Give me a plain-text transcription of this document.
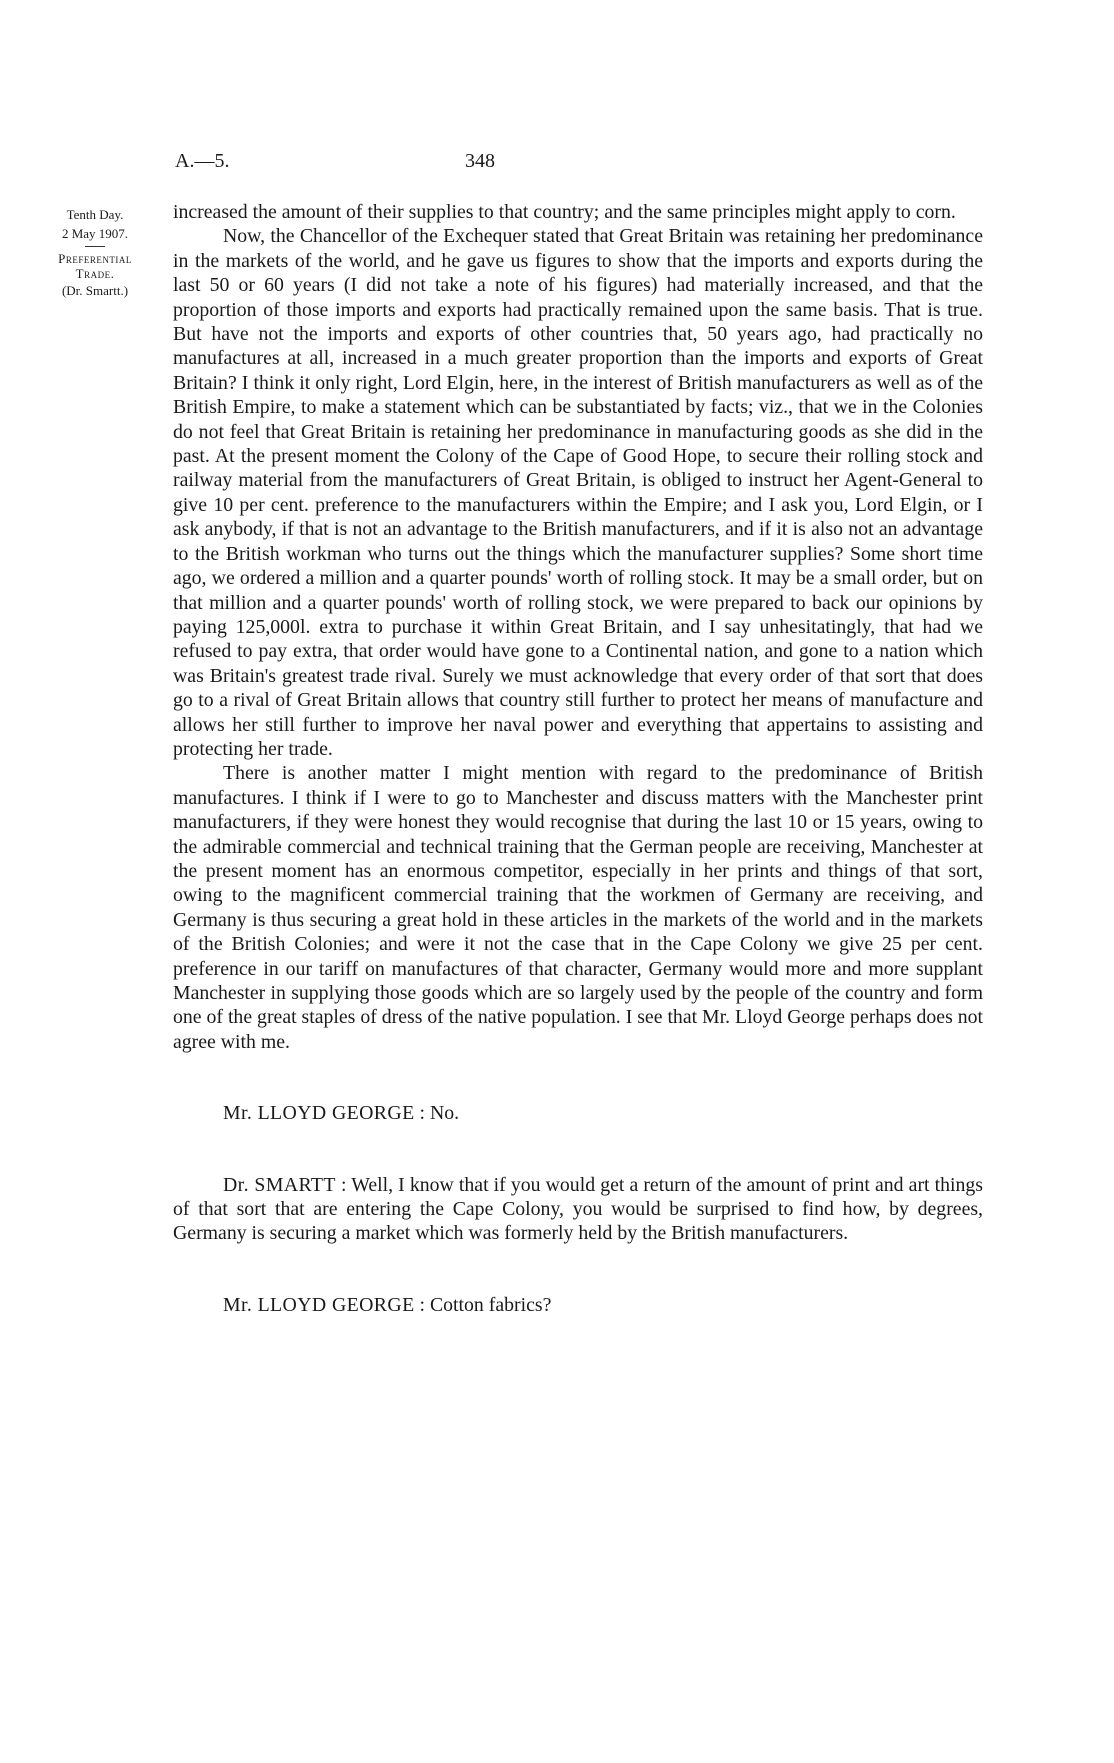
A.—5.	348
Tenth Day.
2 May 1907.
Preferential
Trade.
(Dr. Smartt.)

increased the amount of their supplies to that country; and the same principles might apply to corn.

Now, the Chancellor of the Exchequer stated that Great Britain was retaining her predominance in the markets of the world, and he gave us figures to show that the imports and exports during the last 50 or 60 years (I did not take a note of his figures) had materially increased, and that the proportion of those imports and exports had practically remained upon the same basis. That is true. But have not the imports and exports of other countries that, 50 years ago, had practically no manufactures at all, increased in a much greater proportion than the imports and exports of Great Britain? I think it only right, Lord Elgin, here, in the interest of British manufacturers as well as of the British Empire, to make a statement which can be substantiated by facts; viz., that we in the Colonies do not feel that Great Britain is retaining her predominance in manufacturing goods as she did in the past. At the present moment the Colony of the Cape of Good Hope, to secure their rolling stock and railway material from the manufacturers of Great Britain, is obliged to instruct her Agent-General to give 10 per cent. preference to the manufacturers within the Empire; and I ask you, Lord Elgin, or I ask anybody, if that is not an advantage to the British manufacturers, and if it is also not an advantage to the British workman who turns out the things which the manufacturer supplies? Some short time ago, we ordered a million and a quarter pounds' worth of rolling stock. It may be a small order, but on that million and a quarter pounds' worth of rolling stock, we were prepared to back our opinions by paying 125,000l. extra to purchase it within Great Britain, and I say unhesitatingly, that had we refused to pay extra, that order would have gone to a Continental nation, and gone to a nation which was Britain's greatest trade rival. Surely we must acknowledge that every order of that sort that does go to a rival of Great Britain allows that country still further to protect her means of manufacture and allows her still further to improve her naval power and everything that appertains to assisting and protecting her trade.

There is another matter I might mention with regard to the predominance of British manufactures. I think if I were to go to Manchester and discuss matters with the Manchester print manufacturers, if they were honest they would recognise that during the last 10 or 15 years, owing to the admirable commercial and technical training that the German people are receiving, Manchester at the present moment has an enormous competitor, especially in her prints and things of that sort, owing to the magnificent commercial training that the workmen of Germany are receiving, and Germany is thus securing a great hold in these articles in the markets of the world and in the markets of the British Colonies; and were it not the case that in the Cape Colony we give 25 per cent. preference in our tariff on manufactures of that character, Germany would more and more supplant Manchester in supplying those goods which are so largely used by the people of the country and form one of the great staples of dress of the native population. I see that Mr. Lloyd George perhaps does not agree with me.

Mr. LLOYD GEORGE : No.

Dr. SMARTT : Well, I know that if you would get a return of the amount of print and art things of that sort that are entering the Cape Colony, you would be surprised to find how, by degrees, Germany is securing a market which was formerly held by the British manufacturers.

Mr. LLOYD GEORGE : Cotton fabrics?
